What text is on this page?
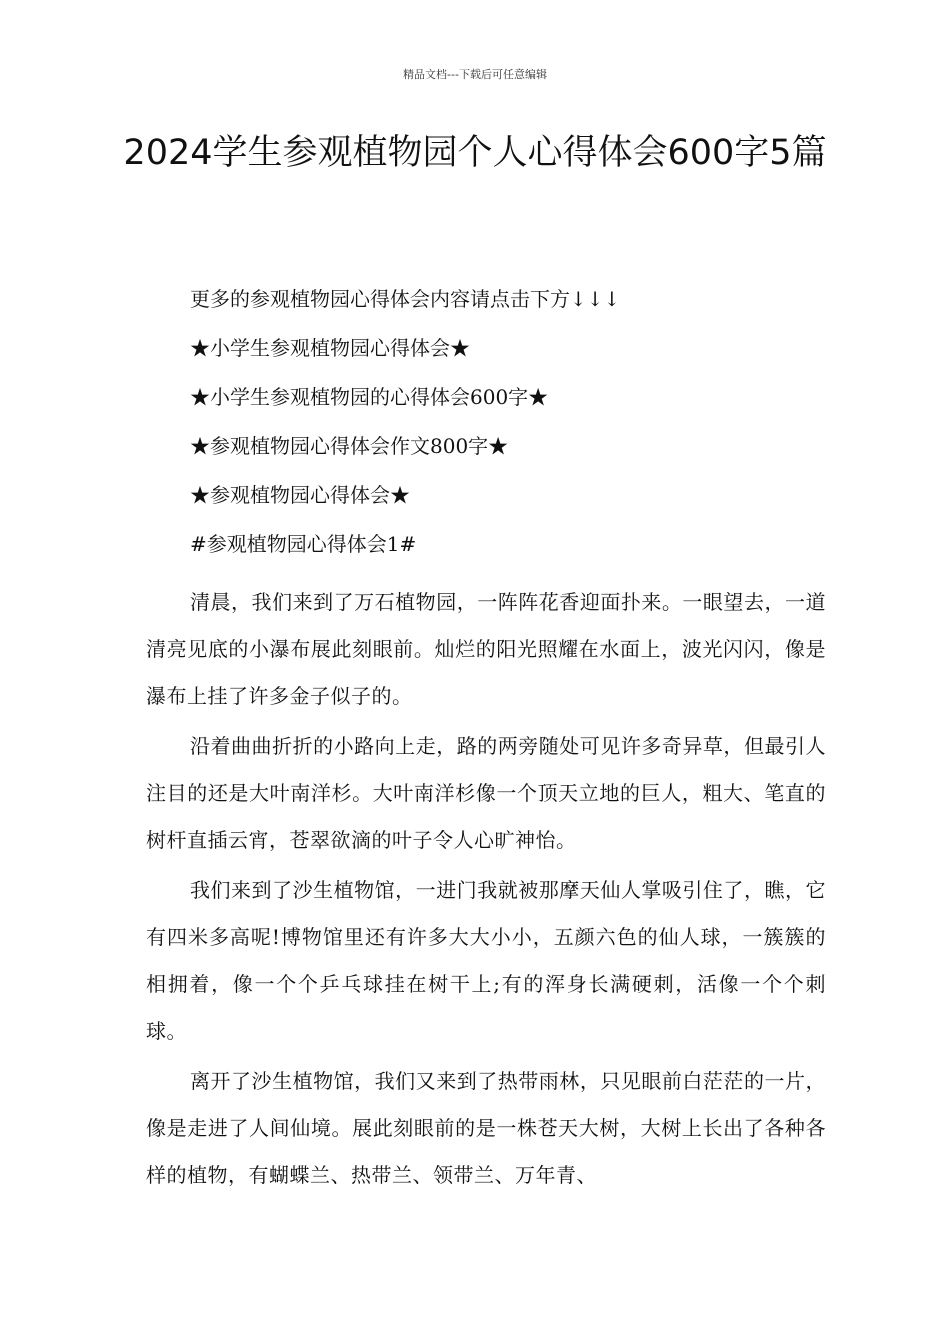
精品文档---下载后可任意编辑
2024学生参观植物园个人心得体会600字5篇
更多的参观植物园心得体会内容请点击下方↓↓↓
★小学生参观植物园心得体会★
★小学生参观植物园的心得体会600字★
★参观植物园心得体会作文800字★
★参观植物园心得体会★
#参观植物园心得体会1#

清晨，我们来到了万石植物园，一阵阵花香迎面扑来。一眼望去，一道清亮见底的小瀑布展此刻眼前。灿烂的阳光照耀在水面上，波光闪闪，像是瀑布上挂了许多金子似子的。

沿着曲曲折折的小路向上走，路的两旁随处可见许多奇异草，但最引人注目的还是大叶南洋杉。大叶南洋杉像一个顶天立地的巨人，粗大、笔直的树杆直插云宵，苍翠欲滴的叶子令人心旷神怡。

我们来到了沙生植物馆，一进门我就被那摩天仙人掌吸引住了，瞧，它有四米多高呢!博物馆里还有许多大大小小，五颜六色的仙人球，一簇簇的相拥着，像一个个乒乓球挂在树干上;有的浑身长满硬刺，活像一个个刺球。

离开了沙生植物馆，我们又来到了热带雨林，只见眼前白茫茫的一片，像是走进了人间仙境。展此刻眼前的是一株苍天大树，大树上长出了各种各样的植物，有蝴蝶兰、热带兰、领带兰、万年青、
